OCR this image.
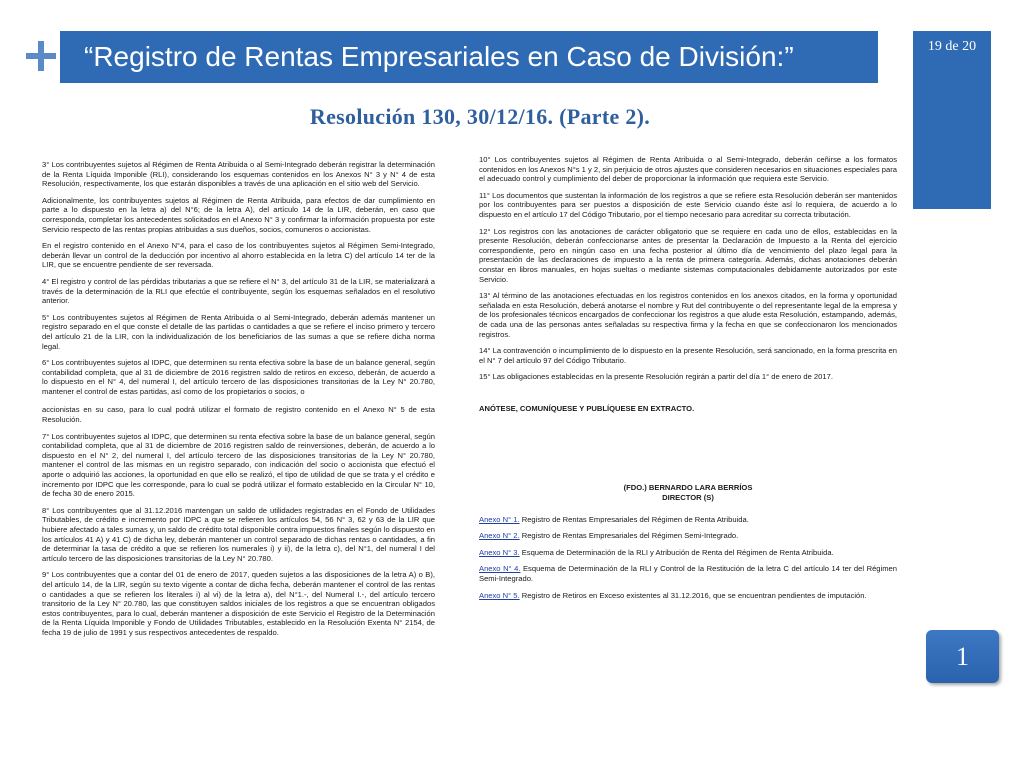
“Registro de Rentas Empresariales en Caso de División:”	19 de 20
Resolución 130, 30/12/16. (Parte 2).

3° Los contribuyentes sujetos al Régimen de Renta Atribuida o al Semi-Integrado deberán registrar la determinación de la Renta Líquida Imponible (RLI), considerando los esquemas contenidos en los Anexos N° 3 y N° 4 de esta Resolución, respectivamente, los que estarán disponibles a través de una aplicación en el sitio web del Servicio.

Adicionalmente, los contribuyentes sujetos al Régimen de Renta Atribuida, para efectos de dar cumplimiento en parte a lo dispuesto en la letra a) del N°6; de la letra A), del artículo 14 de la LIR, deberán, en caso que corresponda, completar los antecedentes solicitados en el Anexo N° 3 y confirmar la información propuesta por este Servicio respecto de las rentas propias atribuidas a sus dueños, socios, comuneros o accionistas.

En el registro contenido en el Anexo N°4, para el caso de los contribuyentes sujetos al Régimen Semi-Integrado, deberán llevar un control de la deducción por incentivo al ahorro establecida en la letra C) del artículo 14 ter de la LIR, que se encuentre pendiente de ser reversada.

4° El registro y control de las pérdidas tributarias a que se refiere el N° 3, del artículo 31 de la LIR, se materializará a través de la determinación de la RLI que efectúe el contribuyente, según los esquemas señalados en el resolutivo anterior.

5° Los contribuyentes sujetos al Régimen de Renta Atribuida o al Semi-Integrado, deberán además mantener un registro separado en el que conste el detalle de las partidas o cantidades a que se refiere el inciso primero y tercero del artículo 21 de la LIR, con la individualización de los beneficiarios de las sumas a que se refiere dicha norma legal.

6° Los contribuyentes sujetos al IDPC, que determinen su renta efectiva sobre la base de un balance general, según contabilidad completa, que al 31 de diciembre de 2016 registren saldo de retiros en exceso, deberán, de acuerdo a lo dispuesto en el N° 4, del numeral I, del artículo tercero de las disposiciones transitorias de la Ley N° 20.780, mantener el control de estas partidas, así como de los propietarios o socios, o

accionistas en su caso, para lo cual podrá utilizar el formato de registro contenido en el Anexo N° 5 de esta Resolución.

7° Los contribuyentes sujetos al IDPC, que determinen su renta efectiva sobre la base de un balance general, según contabilidad completa, que al 31 de diciembre de 2016 registren saldo de reinversiones, deberán, de acuerdo a lo dispuesto en el N° 2, del numeral I, del artículo tercero de las disposiciones transitorias de la Ley N° 20.780, mantener el control de las mismas en un registro separado, con indicación del socio o accionista que efectuó el aporte o adquirió las acciones, la oportunidad en que ello se realizó, el tipo de utilidad de que se trata y el crédito e incremento por IDPC que les corresponde, para lo cual se podrá utilizar el formato establecido en la Circular N° 10, de fecha 30 de enero 2015.

8° Los contribuyentes que al 31.12.2016 mantengan un saldo de utilidades registradas en el Fondo de Utilidades Tributables, de crédito e incremento por IDPC a que se refieren los artículos 54, 56 N° 3, 62 y 63 de la LIR que hubiere afectado a tales sumas y, un saldo de crédito total disponible contra impuestos finales según lo dispuesto en los artículos 41 A) y 41 C) de dicha ley, deberán mantener un control separado de dichas rentas o cantidades, a fin de determinar la tasa de crédito a que se refieren los numerales i) y ii), de la letra c), del N°1, del numeral I del artículo tercero de las disposiciones transitorias de la Ley N° 20.780.

9° Los contribuyentes que a contar del 01 de enero de 2017, queden sujetos a las disposiciones de la letra A) o B), del artículo 14, de la LIR, según su texto vigente a contar de dicha fecha, deberán mantener el control de las rentas o cantidades a que se refieren los literales i) al vi) de la letra a), del N°1.-, del Numeral I.-, del artículo tercero transitorio de la Ley N° 20.780, las que constituyen saldos iniciales de los registros a que se encuentran obligados estos contribuyentes, para lo cual, deberán mantener a disposición de este Servicio el Registro de la Determinación de la Renta Líquida Imponible y Fondo de Utilidades Tributables, establecido en la Resolución Exenta N° 2154, de fecha 19 de julio de 1991 y sus respectivos antecedentes de respaldo.

10° Los contribuyentes sujetos al Régimen de Renta Atribuida o al Semi-Integrado, deberán ceñirse a los formatos contenidos en los Anexos N°s 1 y 2, sin perjuicio de otros ajustes que consideren necesarios en situaciones especiales para el adecuado control y cumplimiento del deber de proporcionar la información que requiera este Servicio.

11° Los documentos que sustentan la información de los registros a que se refiere esta Resolución deberán ser mantenidos por los contribuyentes para ser puestos a disposición de este Servicio cuando éste así lo requiera, de acuerdo a lo dispuesto en el artículo 17 del Código Tributario, por el tiempo necesario para acreditar su correcta tributación.

12° Los registros con las anotaciones de carácter obligatorio que se requiere en cada uno de ellos, establecidas en la presente Resolución, deberán confeccionarse antes de presentar la Declaración de Impuesto a la Renta del ejercicio correspondiente, pero en ningún caso en una fecha posterior al último día de vencimiento del plazo legal para la presentación de las declaraciones de impuesto a la renta de primera categoría. Además, dichas anotaciones deberán constar en libros manuales, en hojas sueltas o mediante sistemas computacionales debidamente autorizados por este Servicio.

13° Al término de las anotaciones efectuadas en los registros contenidos en los anexos citados, en la forma y oportunidad señalada en esta Resolución, deberá anotarse el nombre y Rut del contribuyente o del representante legal de la empresa y de los profesionales técnicos encargados de confeccionar los registros a que alude esta Resolución, estampando, además, de cada una de las personas antes señaladas su respectiva firma y la fecha en que se confeccionaron los mencionados registros.

14° La contravención o incumplimiento de lo dispuesto en la presente Resolución, será sancionado, en la forma prescrita en el N° 7 del artículo 97 del Código Tributario.

15° Las obligaciones establecidas en la presente Resolución regirán a partir del día 1° de enero de 2017.

ANÓTESE, COMUNÍQUESE Y PUBLÍQUESE EN EXTRACTO.

(FDO.) BERNARDO LARA BERRÍOS

DIRECTOR (S)

Anexo N° 1. Registro de Rentas Empresariales del Régimen de Renta Atribuida.

Anexo N° 2. Registro de Rentas Empresariales del Régimen Semi-Integrado.

Anexo N° 3. Esquema de Determinación de la RLI y Atribución de Renta del Régimen de Renta Atribuida.

Anexo N° 4. Esquema de Determinación de la RLI y Control de la Restitución de la letra C del artículo 14 ter del Régimen Semi-Integrado.

Anexo N° 5. Registro de Retiros en Exceso existentes al 31.12.2016, que se encuentran pendientes de imputación.

1
